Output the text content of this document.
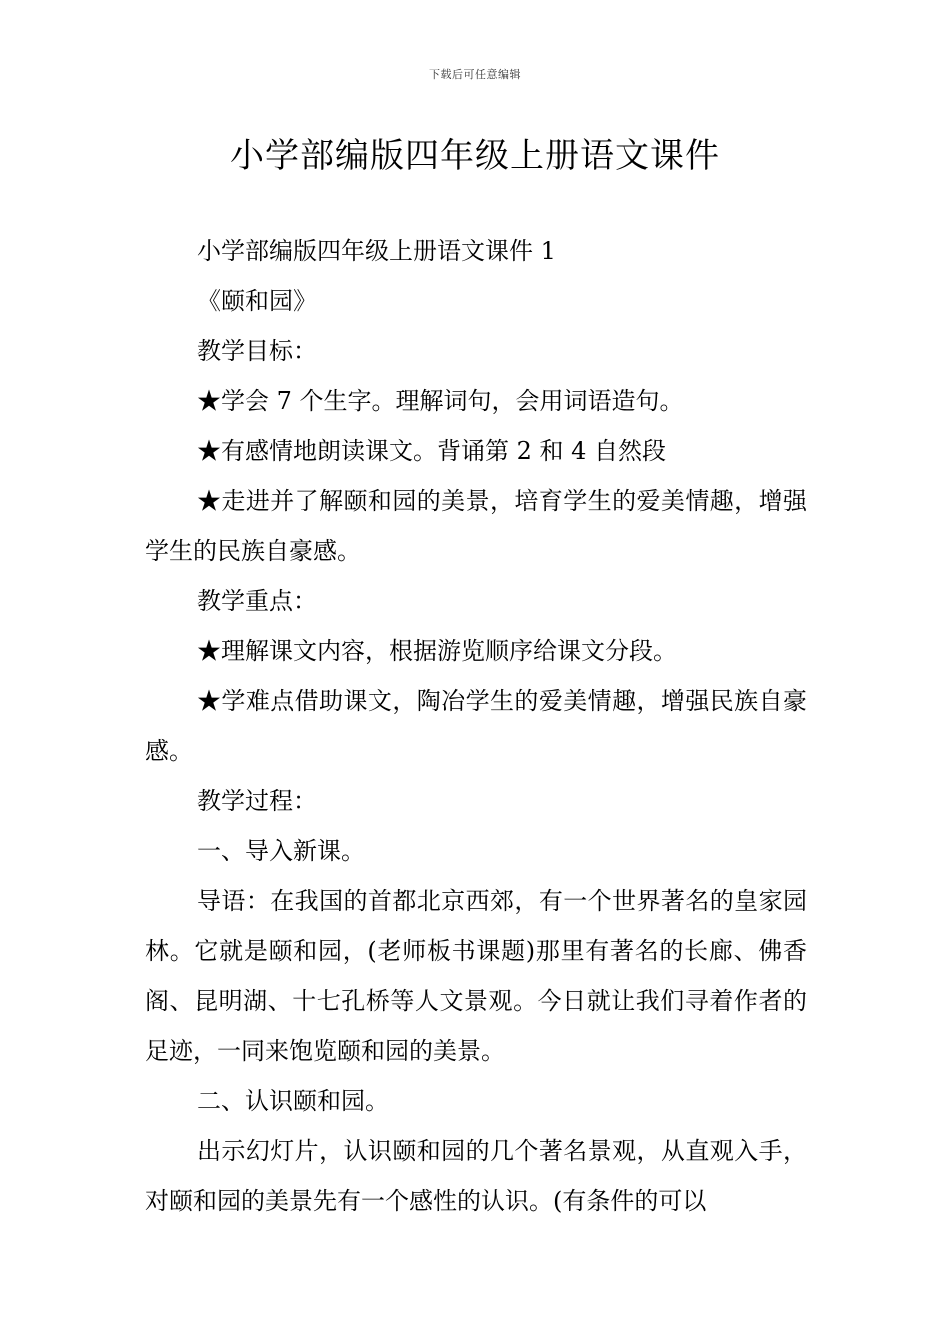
下载后可任意编辑
小学部编版四年级上册语文课件

小学部编版四年级上册语文课件 1

《颐和园》

教学目标：

★学会 7 个生字。理解词句，会用词语造句。

★有感情地朗读课文。背诵第 2 和 4 自然段

★走进并了解颐和园的美景，培育学生的爱美情趣，增强学生的民族自豪感。

教学重点：

★理解课文内容，根据游览顺序给课文分段。

★学难点借助课文，陶冶学生的爱美情趣，增强民族自豪感。

教学过程：

一、导入新课。

导语：在我国的首都北京西郊，有一个世界著名的皇家园林。它就是颐和园，(老师板书课题)那里有著名的长廊、佛香阁、昆明湖、十七孔桥等人文景观。今日就让我们寻着作者的足迹，一同来饱览颐和园的美景。

二、认识颐和园。

出示幻灯片，认识颐和园的几个著名景观，从直观入手，对颐和园的美景先有一个感性的认识。(有条件的可以
